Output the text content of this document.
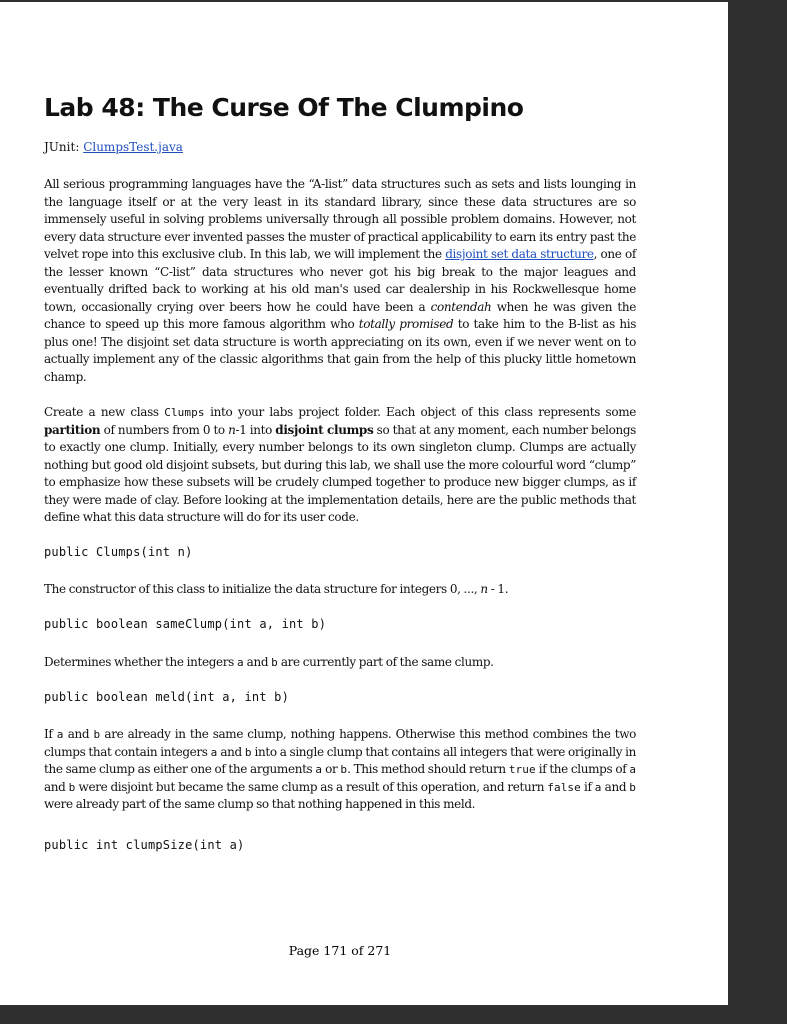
Lab 48: The Curse Of The Clumpino

JUnit: ClumpsTest.java

All serious programming languages have the “A-list” data structures such as sets and lists lounging in the language itself or at the very least in its standard library, since these data structures are so immensely useful in solving problems universally through all possible problem domains. However, not every data structure ever invented passes the muster of practical applicability to earn its entry past the velvet rope into this exclusive club. In this lab, we will implement the disjoint set data structure, one of the lesser known “C-list” data structures who never got his big break to the major leagues and eventually drifted back to working at his old man's used car dealership in his Rockwellesque home town, occasionally crying over beers how he could have been a contendah when he was given the chance to speed up this more famous algorithm who totally promised to take him to the B-list as his plus one! The disjoint set data structure is worth appreciating on its own, even if we never went on to actually implement any of the classic algorithms that gain from the help of this plucky little hometown champ.

Create a new class Clumps into your labs project folder. Each object of this class represents some partition of numbers from 0 to n-1 into disjoint clumps so that at any moment, each number belongs to exactly one clump. Initially, every number belongs to its own singleton clump. Clumps are actually nothing but good old disjoint subsets, but during this lab, we shall use the more colourful word “clump” to emphasize how these subsets will be crudely clumped together to produce new bigger clumps, as if they were made of clay. Before looking at the implementation details, here are the public methods that define what this data structure will do for its user code.

public Clumps(int n)

The constructor of this class to initialize the data structure for integers 0, ..., n - 1.

public boolean sameClump(int a, int b)

Determines whether the integers a and b are currently part of the same clump.

public boolean meld(int a, int b)

If a and b are already in the same clump, nothing happens. Otherwise this method combines the two clumps that contain integers a and b into a single clump that contains all integers that were originally in the same clump as either one of the arguments a or b. This method should return true if the clumps of a and b were disjoint but became the same clump as a result of this operation, and return false if a and b were already part of the same clump so that nothing happened in this meld.

public int clumpSize(int a)

Page 171 of 271
